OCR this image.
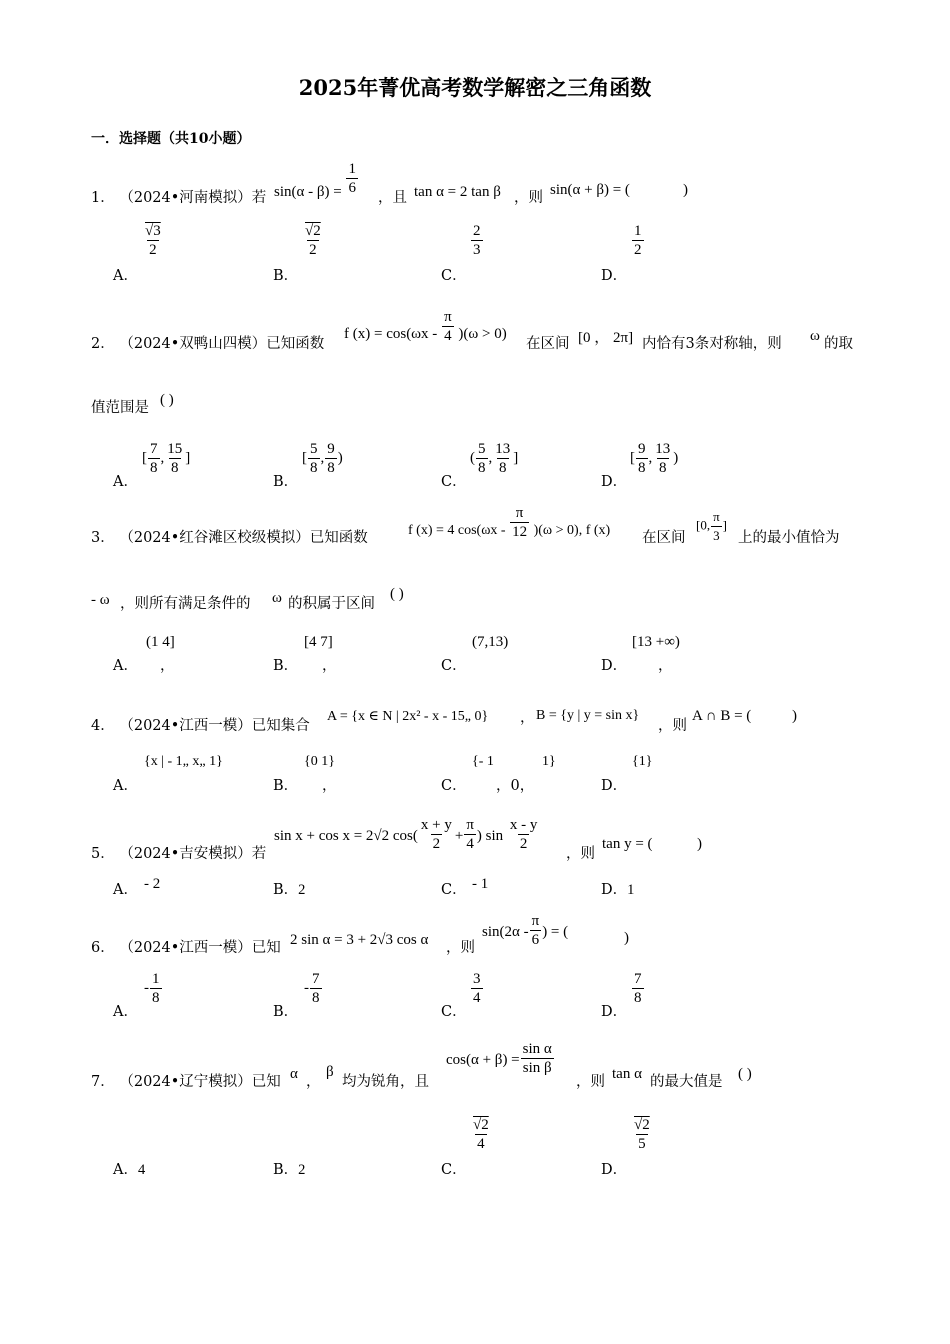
2025年菁优高考数学解密之三角函数
一．选择题（共10小题）
1． （2024•河南模拟）若 $\sin(\alpha - \beta) = \frac{1}{6}$
，且 tan α = 2 tan β ，则 sin(α + β) = (	)
A．
$\frac{√3}{2}$
B．
$\frac{√2}{2}$
C．
$\frac{2}{3}$
D．
$\frac{1}{2}$
2． （2024•双鸭山四模）已知函数
f $(x) = \cos(\omega x - \frac{\pi}{4} )(\omega > 0)$
在区间 [0 ， 2π] 内恰有3条对称轴，则 ω 的取
值范围是 ( )
A．
[ $\frac{7}{8}$ , $\frac{15}{8}$ ]
B．
[ $\frac{5}{8}$ , $\frac{9}{8}$ )
C．
( $\frac{5}{8}$ , $\frac{13}{8}$ ]
D．
[ $\frac{9}{8}$ , $\frac{13}{8}$ )
3． （2024•红谷滩区校级模拟）已知函数	f (x) = 4 $\cos(\omega x - \frac{\pi}{12} )(\omega > 0)$, f (x) 在区间
[0, $\frac{\pi}{3}$ ]
上的最小值恰为
- ω ，则所有满足条件的 ω 的积属于区间
( )
A．
(1 4]
，	B．
[4 7]
，	C．
(7,13)
D．
[13 +∞)
，
4． （2024•江西一模）已知集合
A = {x ∈ N | 2x² - x - 15„ 0} ， B = {y | y = sin x}
，则
A ∩ B = (	)
A．
{x | - 1„ x„ 1}
B．
{0 1}
，	C．
{- 1
，0，
1}
D．
{1}
5． （2024•吉安模拟）若
sin x + cos x = 2√2 $\cos( \frac{x + y}{2} + \frac{\pi}{4}$ ) $\sin \frac{x - y}{2}$
，则
tan y = (	)
A． - 2	B．2	C． - 1	D．1
6． （2024•江西一模）已知 2 sin α = 3 + 2√3 cos α ，则
$\sin(2\alpha - \frac{\pi}{6}$ ) = (	)
A．
- $\frac{1}{8}$
B．
- $\frac{7}{8}$
C．
$\frac{3}{4}$
D．
$\frac{7}{8}$
7． （2024•辽宁模拟）已知 α ，
β
均为锐角，且
$\cos(\alpha + \beta) = \frac{\text{sin α}}{\text{sin β}}$
，则 tan α 的最大值是 ( )
A．4	B．2	C．
$\frac{√2}{4}$
D．
$\frac{√2}{5}$
